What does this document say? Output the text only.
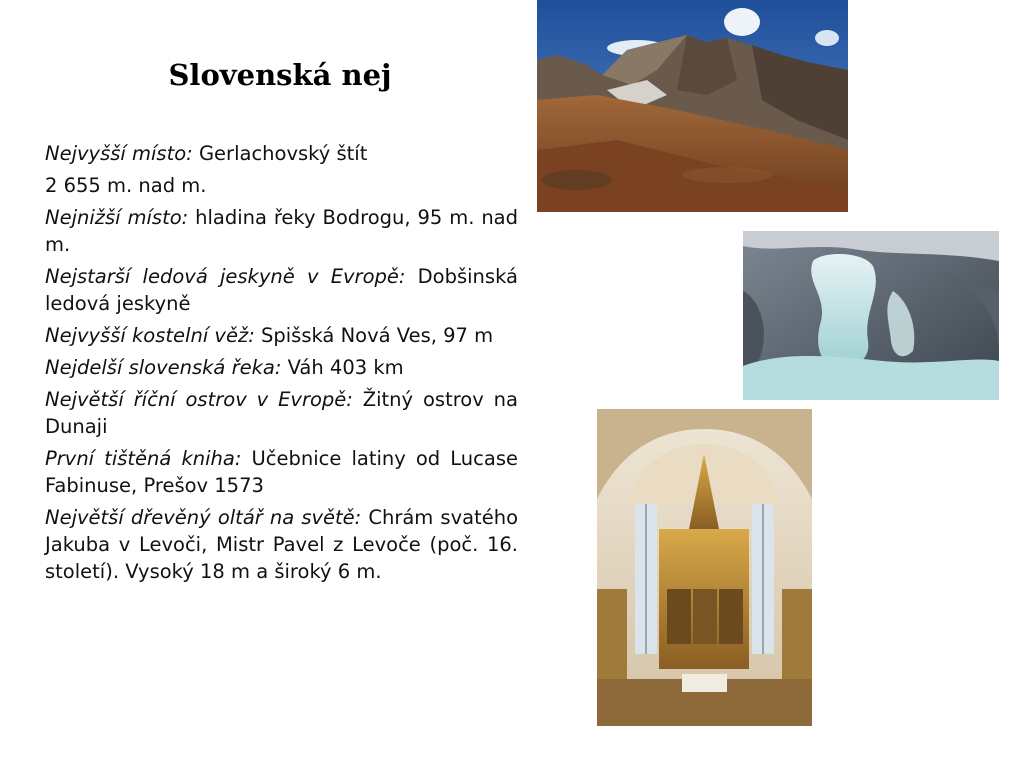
Slovenská nej

Nejvyšší místo: Gerlachovský štít

2 655 m. nad m.

Nejnižší místo: hladina řeky Bodrogu, 95 m. nad m.

Nejstarší ledová jeskyně v Evropě: Dobšinská ledová jeskyně

Nejvyšší kostelní věž: Spišská Nová Ves, 97 m

Nejdelší slovenská řeka: Váh 403 km

Největší říční ostrov v Evropě: Žitný ostrov na Dunaji

První tištěná kniha: Učebnice latiny od Lucase Fabinuse, Prešov 1573

Největší dřevěný oltář na světě: Chrám svatého Jakuba v Levoči, Mistr Pavel z Levoče (poč. 16. století). Vysoký 18 m a široký 6 m.
